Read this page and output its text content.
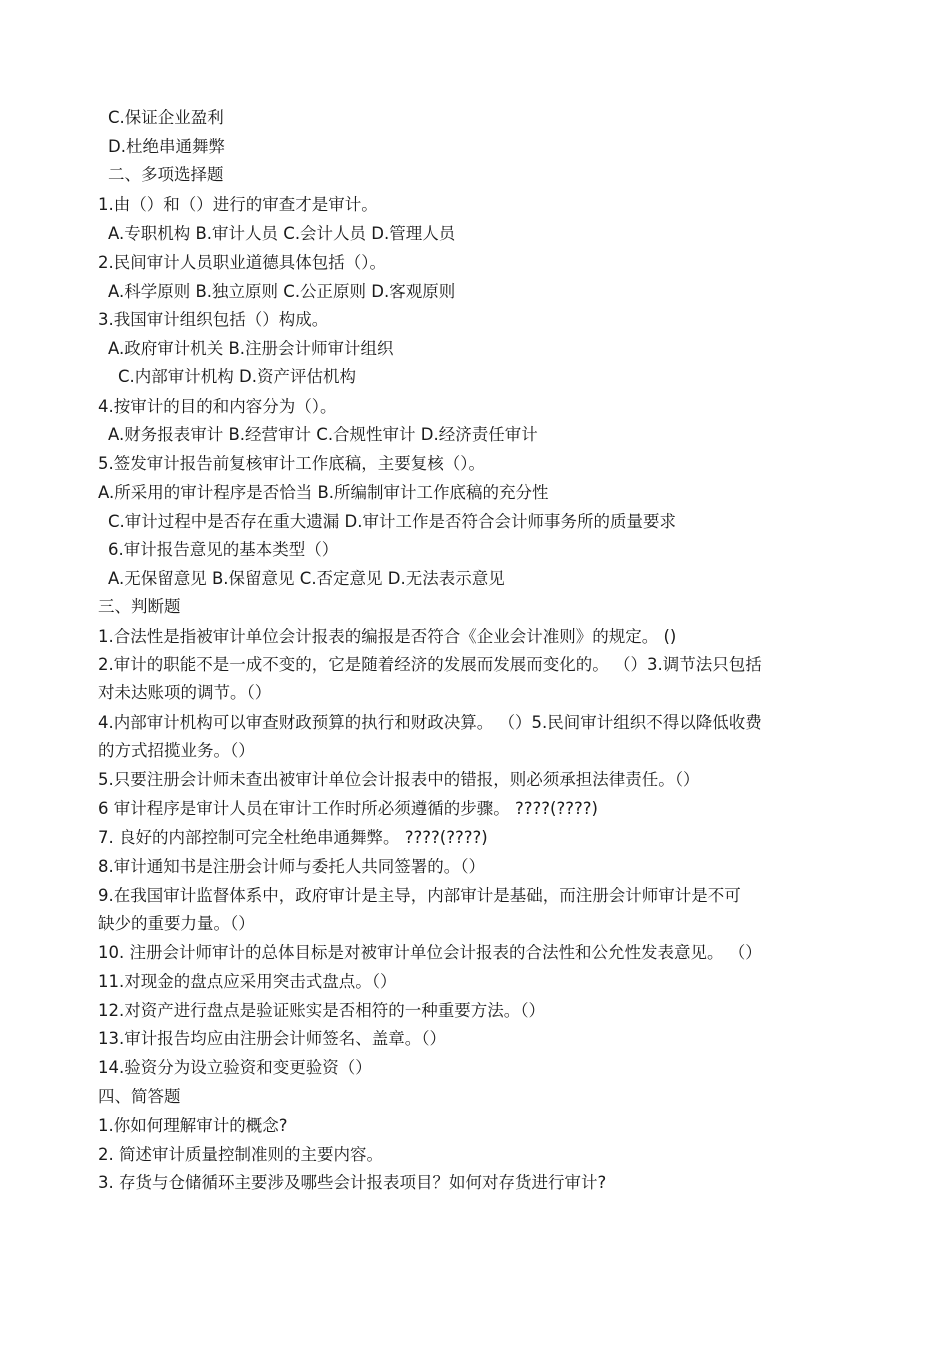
C.保证企业盈利
D.杜绝串通舞弊
二、多项选择题
1.由（）和（）进行的审查才是审计。
A.专职机构 B.审计人员 C.会计人员 D.管理人员
2.民间审计人员职业道德具体包括（）。
A.科学原则 B.独立原则 C.公正原则 D.客观原则
3.我国审计组织包括（）构成。
A.政府审计机关 B.注册会计师审计组织
C.内部审计机构 D.资产评估机构
4.按审计的目的和内容分为（）。
A.财务报表审计 B.经营审计 C.合规性审计 D.经济责任审计
5.签发审计报告前复核审计工作底稿，主要复核（）。
A.所采用的审计程序是否恰当 B.所编制审计工作底稿的充分性
C.审计过程中是否存在重大遗漏 D.审计工作是否符合会计师事务所的质量要求
6.审计报告意见的基本类型（）
A.无保留意见 B.保留意见 C.否定意见 D.无法表示意见
三、判断题
1.合法性是指被审计单位会计报表的编报是否符合《企业会计准则》的规定。 ()
2.审计的职能不是一成不变的，它是随着经济的发展而发展而变化的。 （）3.调节法只包括
对未达账项的调节。（）
4.内部审计机构可以审查财政预算的执行和财政决算。 （）5.民间审计组织不得以降低收费
的方式招揽业务。（）
5.只要注册会计师未查出被审计单位会计报表中的错报，则必须承担法律责任。（）
6 审计程序是审计人员在审计工作时所必须遵循的步骤。 ????(????)
7. 良好的内部控制可完全杜绝串通舞弊。 ????(????)
8.审计通知书是注册会计师与委托人共同签署的。（）
9.在我国审计监督体系中，政府审计是主导，内部审计是基础，而注册会计师审计是不可
缺少的重要力量。（）
10. 注册会计师审计的总体目标是对被审计单位会计报表的合法性和公允性发表意见。 （）
11.对现金的盘点应采用突击式盘点。（）
12.对资产进行盘点是验证账实是否相符的一种重要方法。（）
13.审计报告均应由注册会计师签名、盖章。（）
14.验资分为设立验资和变更验资（）
四、简答题
1.你如何理解审计的概念?
2. 简述审计质量控制准则的主要内容。
3. 存货与仓储循环主要涉及哪些会计报表项目？如何对存货进行审计?
